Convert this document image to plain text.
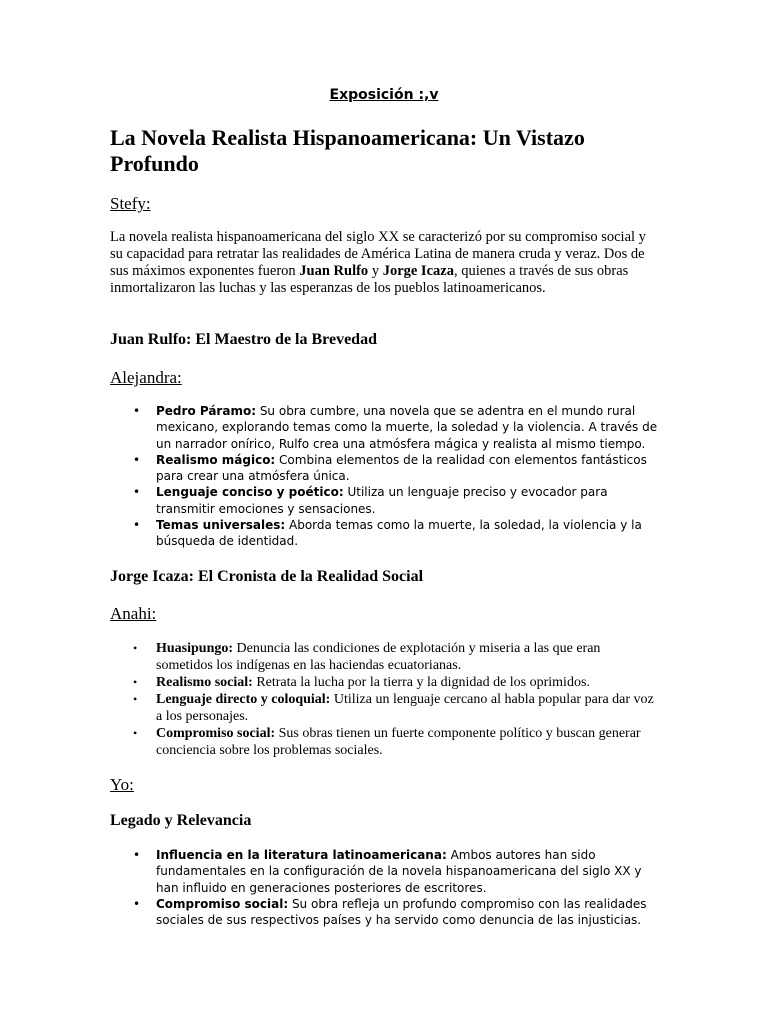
Exposición :,v
La Novela Realista Hispanoamericana: Un Vistazo Profundo
Stefy:

La novela realista hispanoamericana del siglo XX se caracterizó por su compromiso social y su capacidad para retratar las realidades de América Latina de manera cruda y veraz. Dos de sus máximos exponentes fueron Juan Rulfo y Jorge Icaza, quienes a través de sus obras inmortalizaron las luchas y las esperanzas de los pueblos latinoamericanos.

Juan Rulfo: El Maestro de la Brevedad
Alejandra:
• Pedro Páramo: Su obra cumbre, una novela que se adentra en el mundo rural mexicano, explorando temas como la muerte, la soledad y la violencia. A través de un narrador onírico, Rulfo crea una atmósfera mágica y realista al mismo tiempo.
• Realismo mágico: Combina elementos de la realidad con elementos fantásticos para crear una atmósfera única.
• Lenguaje conciso y poético: Utiliza un lenguaje preciso y evocador para transmitir emociones y sensaciones.
• Temas universales: Aborda temas como la muerte, la soledad, la violencia y la búsqueda de identidad.
Jorge Icaza: El Cronista de la Realidad Social
Anahi:
• Huasipungo: Denuncia las condiciones de explotación y miseria a las que eran sometidos los indígenas en las haciendas ecuatorianas.
• Realismo social: Retrata la lucha por la tierra y la dignidad de los oprimidos.
• Lenguaje directo y coloquial: Utiliza un lenguaje cercano al habla popular para dar voz a los personajes.
• Compromiso social: Sus obras tienen un fuerte componente político y buscan generar conciencia sobre los problemas sociales.
Yo:
Legado y Relevancia
• Influencia en la literatura latinoamericana: Ambos autores han sido fundamentales en la configuración de la novela hispanoamericana del siglo XX y han influido en generaciones posteriores de escritores.
• Compromiso social: Su obra refleja un profundo compromiso con las realidades sociales de sus respectivos países y ha servido como denuncia de las injusticias.
